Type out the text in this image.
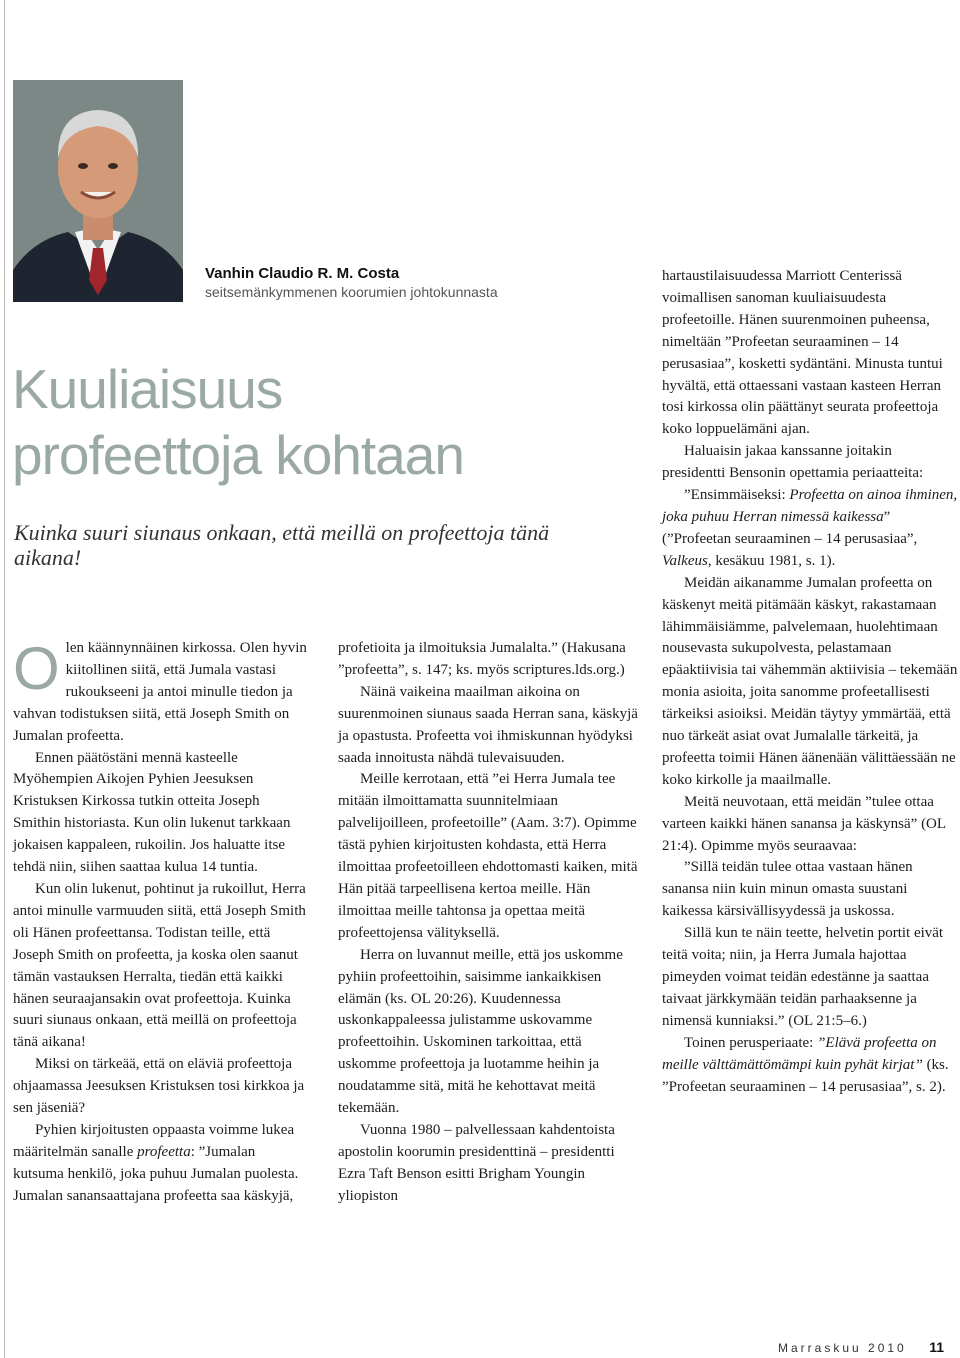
Vanhin Claudio R. M. Costa
seitsemänkymmenen koorumien johtokunnasta
Kuuliaisuus
profeettoja kohtaan
Kuinka suuri siunaus onkaan, että meillä on profeettoja tänä aikana!

Olen käännynnäinen kirkossa. Olen hyvin kiitollinen siitä, että Jumala vastasi rukoukseeni ja antoi minulle tiedon ja vahvan todistuksen siitä, että Joseph Smith on Jumalan profeetta.

Ennen päätöstäni mennä kasteelle Myöhempien Aikojen Pyhien Jeesuksen Kristuksen Kirkossa tutkin otteita Joseph Smithin historiasta. Kun olin lukenut tarkkaan jokaisen kappaleen, rukoilin. Jos haluatte itse tehdä niin, siihen saattaa kulua 14 tuntia.

Kun olin lukenut, pohtinut ja rukoillut, Herra antoi minulle varmuuden siitä, että Joseph Smith oli Hänen profeettansa. Todistan teille, että Joseph Smith on profeetta, ja koska olen saanut tämän vastauksen Herralta, tiedän että kaikki hänen seuraajansakin ovat profeettoja. Kuinka suuri siunaus onkaan, että meillä on profeettoja tänä aikana!

Miksi on tärkeää, että on eläviä profeettoja ohjaamassa Jeesuksen Kristuksen tosi kirkkoa ja sen jäseniä?

Pyhien kirjoitusten oppaasta voimme lukea määritelmän sanalle profeetta: ”Jumalan kutsuma henkilö, joka puhuu Jumalan puolesta. Jumalan sanansaattajana profeetta saa käskyjä,

profetioita ja ilmoituksia Jumalalta.” (Hakusana ”profeetta”, s. 147; ks. myös scriptures.lds.org.)

Näinä vaikeina maailman aikoina on suurenmoinen siunaus saada Herran sana, käskyjä ja opastusta. Profeetta voi ihmiskunnan hyödyksi saada innoitusta nähdä tulevaisuuden.

Meille kerrotaan, että ”ei Herra Jumala tee mitään ilmoittamatta suunnitelmiaan palvelijoilleen, profeetoille” (Aam. 3:7). Opimme tästä pyhien kirjoitusten kohdasta, että Herra ilmoittaa profeetoilleen ehdottomasti kaiken, mitä Hän pitää tarpeellisena kertoa meille. Hän ilmoittaa meille tahtonsa ja opettaa meitä profeettojensa välityksellä.

Herra on luvannut meille, että jos uskomme pyhiin profeettoihin, saisimme iankaikkisen elämän (ks. OL 20:26). Kuudennessa uskonkappaleessa julistamme uskovamme profeettoihin. Uskominen tarkoittaa, että uskomme profeettoja ja luotamme heihin ja noudatamme sitä, mitä he kehottavat meitä tekemään.

Vuonna 1980 – palvellessaan kahdentoista apostolin koorumin presidenttinä – presidentti Ezra Taft Benson esitti Brigham Youngin yliopiston

hartaustilaisuudessa Marriott Centerissä voimallisen sanoman kuuliaisuudesta profeetoille. Hänen suurenmoinen puheensa, nimeltään ”Profeetan seuraaminen – 14 perusasiaa”, kosketti sydäntäni. Minusta tuntui hyvältä, että ottaessani vastaan kasteen Herran tosi kirkossa olin päättänyt seurata profeettoja koko loppuelämäni ajan.

Haluaisin jakaa kanssanne joitakin presidentti Bensonin opettamia periaatteita:

”Ensimmäiseksi: Profeetta on ainoa ihminen, joka puhuu Herran nimessä kaikessa” (”Profeetan seuraaminen – 14 perusasiaa”, Valkeus, kesäkuu 1981, s. 1).

Meidän aikanamme Jumalan profeetta on käskenyt meitä pitämään käskyt, rakastamaan lähimmäisiämme, palvelemaan, huolehtimaan nousevasta sukupolvesta, pelastamaan epäaktiivisia tai vähemmän aktiivisia – tekemään monia asioita, joita sanomme profeetallisesti tärkeiksi asioiksi. Meidän täytyy ymmärtää, että nuo tärkeät asiat ovat Jumalalle tärkeitä, ja profeetta toimii Hänen äänenään välittäessään ne koko kirkolle ja maailmalle.

Meitä neuvotaan, että meidän ”tulee ottaa varteen kaikki hänen sanansa ja käskynsä” (OL 21:4). Opimme myös seuraavaa:

”Sillä teidän tulee ottaa vastaan hänen sanansa niin kuin minun omasta suustani kaikessa kärsivällisyydessä ja uskossa.

Sillä kun te näin teette, helvetin portit eivät teitä voita; niin, ja Herra Jumala hajottaa pimeyden voimat teidän edestänne ja saattaa taivaat järkkymään teidän parhaaksenne ja nimensä kunniaksi.” (OL 21:5–6.)

Toinen perusperiaate: ”Elävä profeetta on meille välttämättömämpi kuin pyhät kirjat” (ks. ”Profeetan seuraaminen – 14 perusasiaa”, s. 2).

Marraskuu 2010 11
